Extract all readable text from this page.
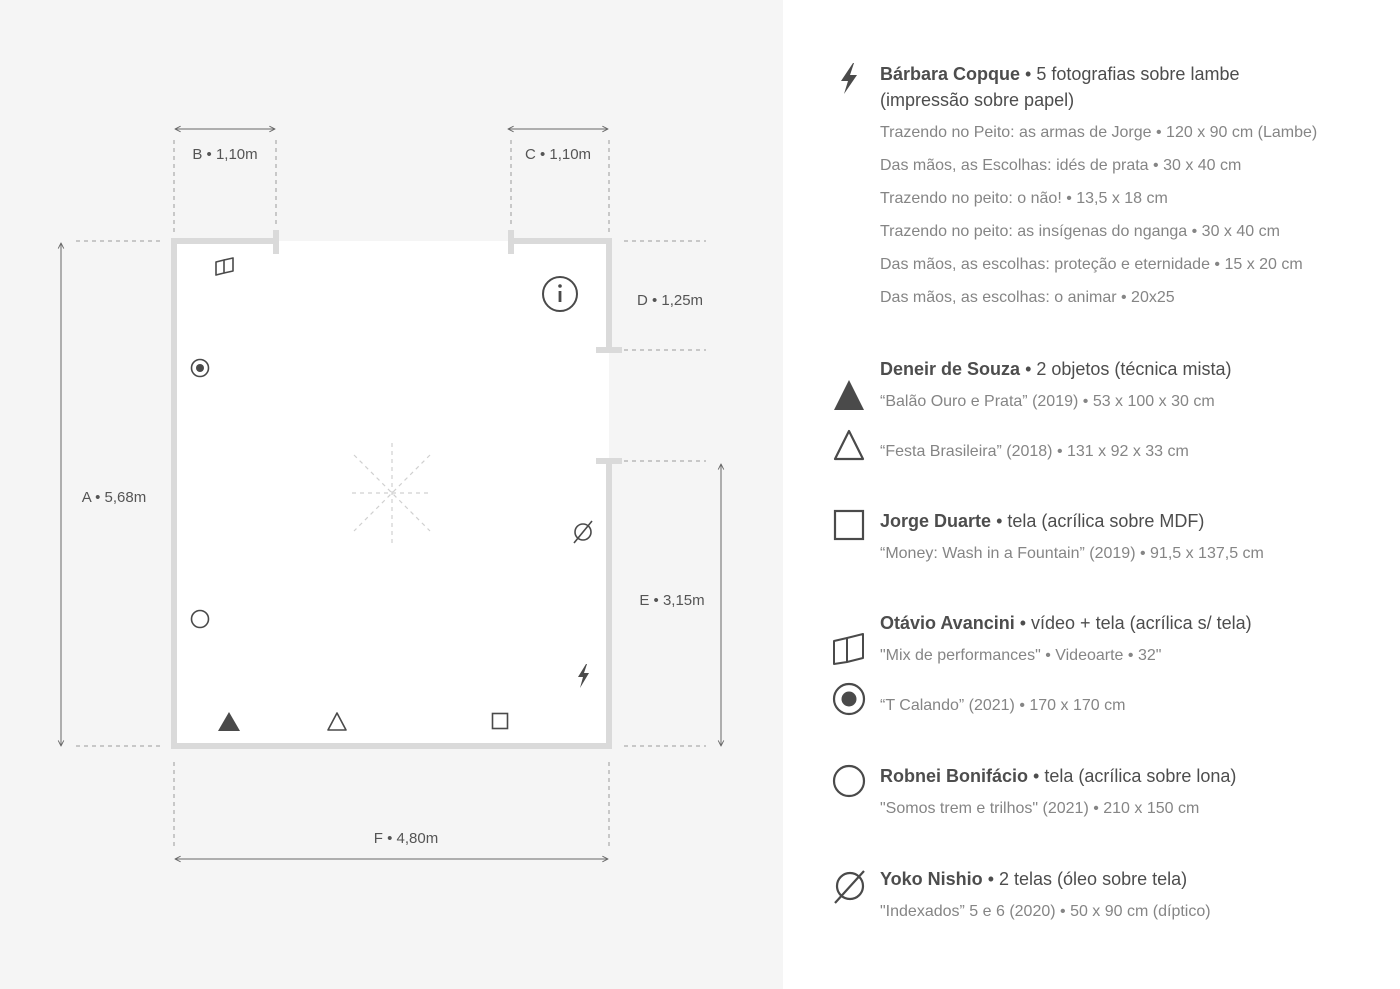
B • 1,10m	C • 1,10m
A • 5,68m
D • 1,25m
E • 3,15m
F • 4,80m
Bárbara Copque • 5 fotografias sobre lambe
(impressão sobre papel)
Trazendo no Peito: as armas de Jorge • 120 x 90 cm (Lambe)
Das mãos, as Escolhas: idés de prata • 30 x 40 cm
Trazendo no peito: o não! • 13,5 x 18 cm
Trazendo no peito: as insígenas do nganga • 30 x 40 cm
Das mãos, as escolhas: proteção e eternidade • 15 x 20 cm
Das mãos, as escolhas: o animar • 20x25
Deneir de Souza • 2 objetos (técnica mista)
“Balão Ouro e Prata” (2019) • 53 x 100 x 30 cm
“Festa Brasileira” (2018) • 131 x 92 x 33 cm
Jorge Duarte • tela (acrílica sobre MDF)
“Money: Wash in a Fountain” (2019) • 91,5 x 137,5 cm
Otávio Avancini • vídeo + tela (acrílica s/ tela)
"Mix de performances" • Videoarte • 32"
“T Calando” (2021) • 170 x 170 cm
Robnei Bonifácio • tela (acrílica sobre lona)
"Somos trem e trilhos" (2021) • 210 x 150 cm
Yoko Nishio • 2 telas (óleo sobre tela)
"Indexados” 5 e 6 (2020) • 50 x 90 cm (díptico)
